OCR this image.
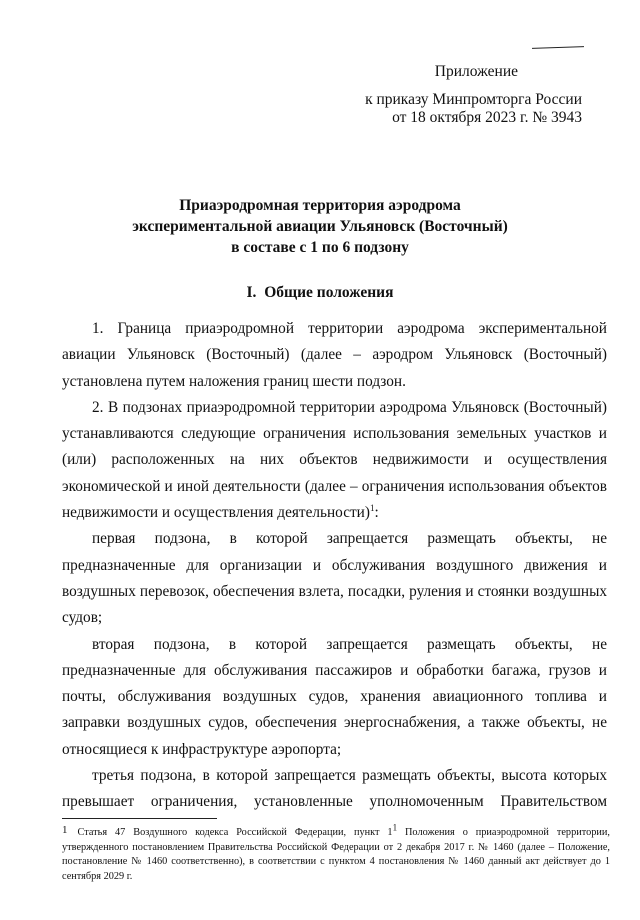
Приложение
к приказу Минпромторга России
от 18 октября 2023 г. № 3943
Приаэродромная территория аэродрома
экспериментальной авиации Ульяновск (Восточный)
в составе с 1 по 6 подзону
I. Общие положения

1. Граница приаэродромной территории аэродрома экспериментальной авиации Ульяновск (Восточный) (далее – аэродром Ульяновск (Восточный) установлена путем наложения границ шести подзон.

2. В подзонах приаэродромной территории аэродрома Ульяновск (Восточный) устанавливаются следующие ограничения использования земельных участков и (или) расположенных на них объектов недвижимости и осуществления экономической и иной деятельности (далее – ограничения использования объектов недвижимости и осуществления деятельности)$^1$:

первая подзона, в которой запрещается размещать объекты, не предназначенные для организации и обслуживания воздушного движения и воздушных перевозок, обеспечения взлета, посадки, руления и стоянки воздушных судов;

вторая подзона, в которой запрещается размещать объекты, не предназначенные для обслуживания пассажиров и обработки багажа, грузов и почты, обслуживания воздушных судов, хранения авиационного топлива и заправки воздушных судов, обеспечения энергоснабжения, а также объекты, не относящиеся к инфраструктуре аэропорта;

третья подзона, в которой запрещается размещать объекты, высота которых превышает ограничения, установленные уполномоченным Правительством

1 Статья 47 Воздушного кодекса Российской Федерации, пункт $1^1$ Положения о приаэродромной территории, утвержденного постановлением Правительства Российской Федерации от 2 декабря 2017 г. № 1460 (далее – Положение, постановление № 1460 соответственно), в соответствии с пунктом 4 постановления № 1460 данный акт действует до 1 сентября 2029 г.
